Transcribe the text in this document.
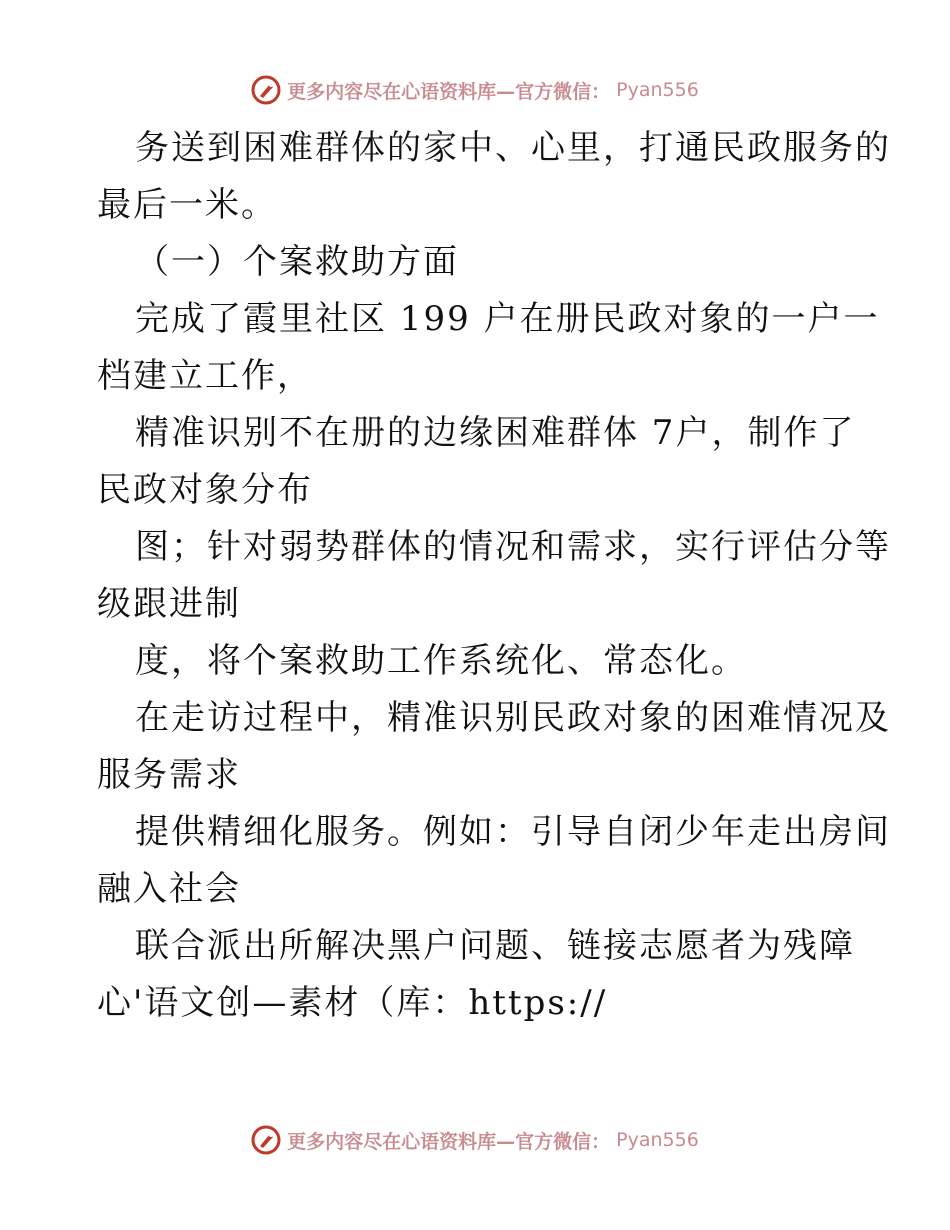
更多内容尽在心语资料库—官方微信： Pyan556
务送到困难群体的家中、心里，打通民政服务的
最后一米。
（一）个案救助方面
完成了霞里社区 199 户在册民政对象的一户一
档建立工作，
精准识别不在册的边缘困难群体 7户，制作了
民政对象分布
图；针对弱势群体的情况和需求，实行评估分等
级跟进制
度，将个案救助工作系统化、常态化。
在走访过程中，精准识别民政对象的困难情况及
服务需求
提供精细化服务。例如：引导自闭少年走出房间
融入社会
联合派出所解决黑户问题、链接志愿者为残障
心'语文创—素材（库：https://
更多内容尽在心语资料库—官方微信： Pyan556
